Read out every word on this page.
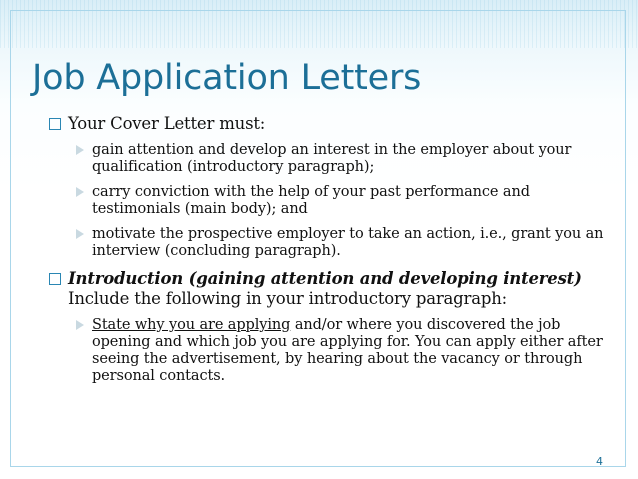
Job Application Letters
Your Cover Letter must:
gain attention and develop an interest in the employer about your qualification (introductory paragraph);
carry conviction with the help of your past performance and testimonials (main body); and
motivate the prospective employer to take an action, i.e., grant you an interview (concluding paragraph).
Introduction (gaining attention and developing interest) Include the following in your introductory paragraph:
State why you are applying and/or where you discovered the job opening and which job you are applying for. You can apply either after seeing the advertisement, by hearing about the vacancy or through personal contacts.
4
